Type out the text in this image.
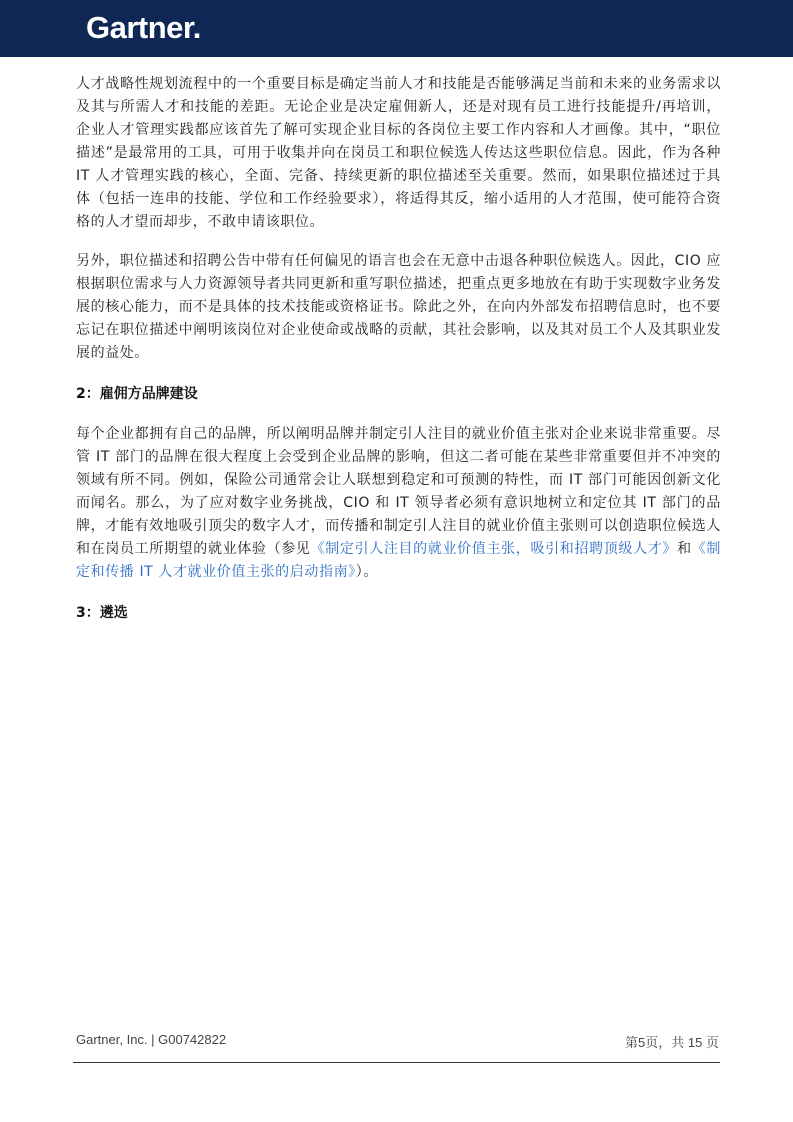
Gartner.

人才战略性规划流程中的一个重要目标是确定当前人才和技能是否能够满足当前和未来的业务需求以及其与所需人才和技能的差距。无论企业是决定雇佣新人，还是对现有员工进行技能提升/再培训，企业人才管理实践都应该首先了解可实现企业目标的各岗位主要工作内容和人才画像。其中，“职位描述”是最常用的工具，可用于收集并向在岗员工和职位候选人传达这些职位信息。因此，作为各种 IT 人才管理实践的核心，全面、完备、持续更新的职位描述至关重要。然而，如果职位描述过于具体（包括一连串的技能、学位和工作经验要求），将适得其反，缩小适用的人才范围，使可能符合资格的人才望而却步，不敢申请该职位。

另外，职位描述和招聘公告中带有任何偏见的语言也会在无意中击退各种职位候选人。因此，CIO 应根据职位需求与人力资源领导者共同更新和重写职位描述，把重点更多地放在有助于实现数字业务发展的核心能力，而不是具体的技术技能或资格证书。除此之外，在向内外部发布招聘信息时，也不要忘记在职位描述中阐明该岗位对企业使命或战略的贡献，其社会影响，以及其对员工个人及其职业发展的益处。

2：雇佣方品牌建设

每个企业都拥有自己的品牌，所以阐明品牌并制定引人注目的就业价值主张对企业来说非常重要。尽管 IT 部门的品牌在很大程度上会受到企业品牌的影响，但这二者可能在某些非常重要但并不冲突的领域有所不同。例如，保险公司通常会让人联想到稳定和可预测的特性，而 IT 部门可能因创新文化而闻名。那么，为了应对数字业务挑战，CIO 和 IT 领导者必须有意识地树立和定位其 IT 部门的品牌，才能有效地吸引顶尖的数字人才，而传播和制定引人注目的就业价值主张则可以创造职位候选人和在岗员工所期望的就业体验（参见《制定引人注目的就业价值主张，吸引和招聘顶级人才》和《制定和传播 IT 人才就业价值主张的启动指南》）。

3：遴选
Gartner, Inc. | G00742822	第5页，共 15 页
